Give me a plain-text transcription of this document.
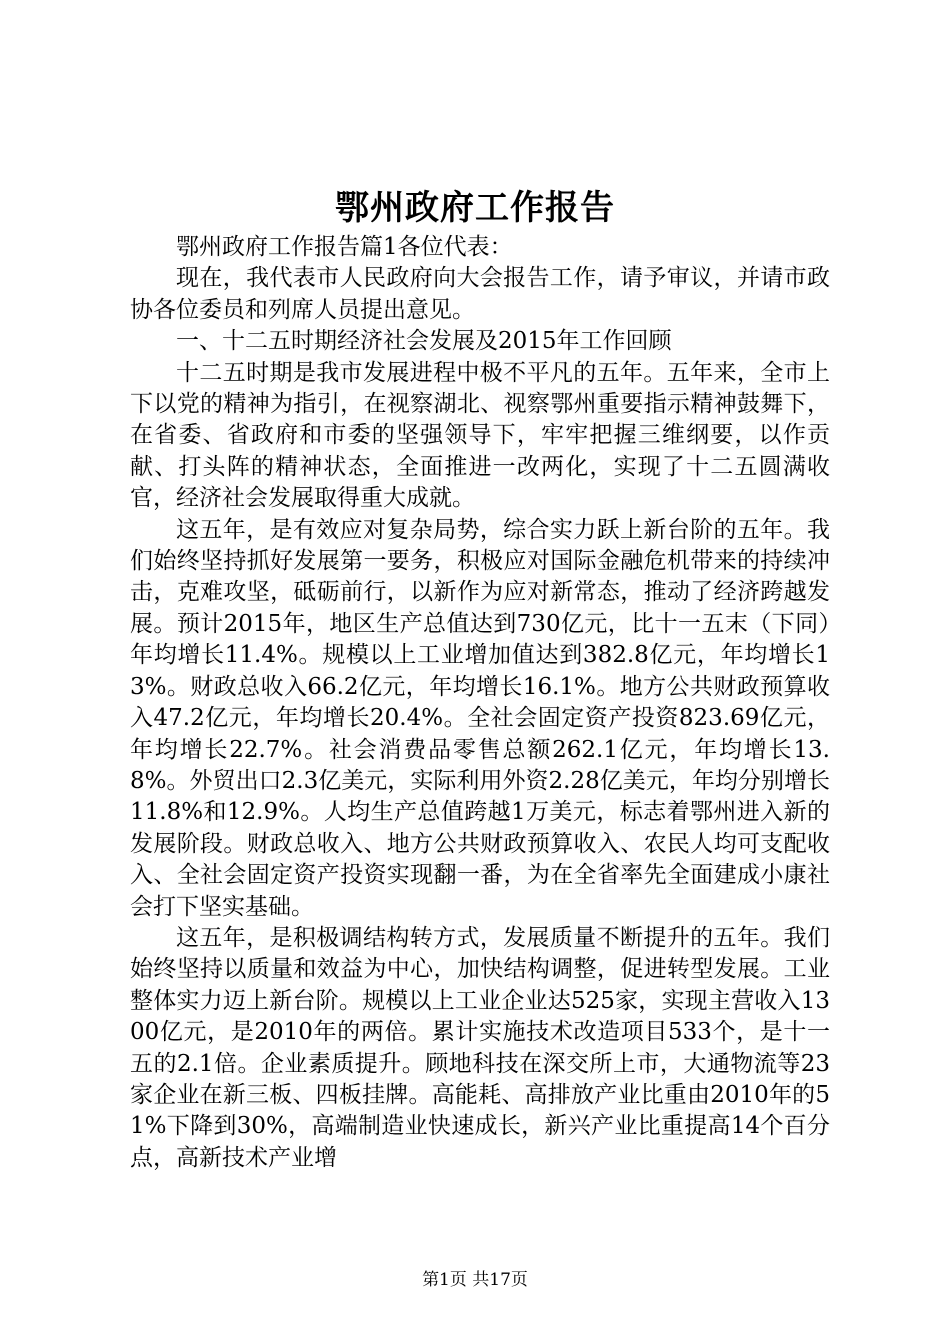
鄂州政府工作报告

鄂州政府工作报告篇1各位代表：

现在，我代表市人民政府向大会报告工作，请予审议，并请市政协各位委员和列席人员提出意见。

一、十二五时期经济社会发展及2015年工作回顾

十二五时期是我市发展进程中极不平凡的五年。五年来，全市上下以党的精神为指引，在视察湖北、视察鄂州重要指示精神鼓舞下，在省委、省政府和市委的坚强领导下，牢牢把握三维纲要，以作贡献、打头阵的精神状态，全面推进一改两化，实现了十二五圆满收官，经济社会发展取得重大成就。

这五年，是有效应对复杂局势，综合实力跃上新台阶的五年。我们始终坚持抓好发展第一要务，积极应对国际金融危机带来的持续冲击，克难攻坚，砥砺前行，以新作为应对新常态，推动了经济跨越发展。预计2015年，地区生产总值达到730亿元，比十一五末（下同）年均增长11.4%。规模以上工业增加值达到382.8亿元，年均增长13%。财政总收入66.2亿元，年均增长16.1%。地方公共财政预算收入47.2亿元，年均增长20.4%。全社会固定资产投资823.69亿元，年均增长22.7%。社会消费品零售总额262.1亿元，年均增长13.8%。外贸出口2.3亿美元，实际利用外资2.28亿美元，年均分别增长11.8%和12.9%。人均生产总值跨越1万美元，标志着鄂州进入新的发展阶段。财政总收入、地方公共财政预算收入、农民人均可支配收入、全社会固定资产投资实现翻一番，为在全省率先全面建成小康社会打下坚实基础。

这五年，是积极调结构转方式，发展质量不断提升的五年。我们始终坚持以质量和效益为中心，加快结构调整，促进转型发展。工业整体实力迈上新台阶。规模以上工业企业达525家，实现主营收入1300亿元，是2010年的两倍。累计实施技术改造项目533个，是十一五的2.1倍。企业素质提升。顾地科技在深交所上市，大通物流等23家企业在新三板、四板挂牌。高能耗、高排放产业比重由2010年的51%下降到30%，高端制造业快速成长，新兴产业比重提高14个百分点，高新技术产业增

第1页 共17页
